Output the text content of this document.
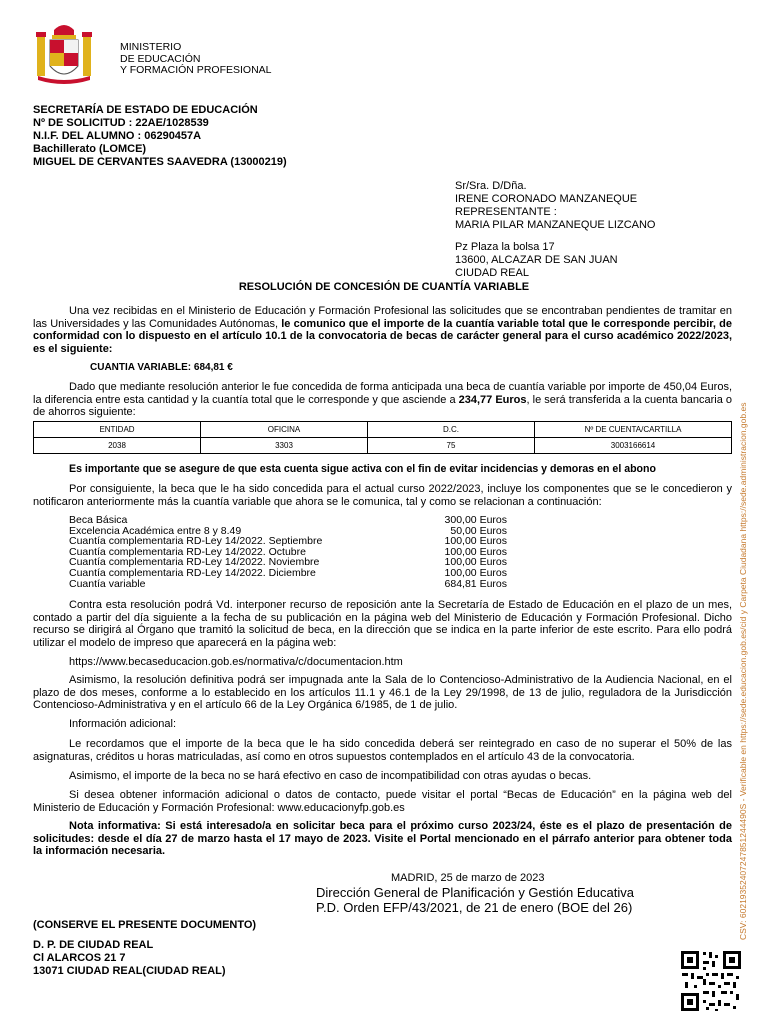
MINISTERIO
DE EDUCACIÓN
Y FORMACIÓN PROFESIONAL
SECRETARÍA DE ESTADO DE EDUCACIÓN
Nº DE SOLICITUD : 22AE/1028539
N.I.F. DEL ALUMNO : 06290457A
Bachillerato (LOMCE)
MIGUEL DE CERVANTES SAAVEDRA (13000219)
Sr/Sra. D/Dña.
IRENE CORONADO MANZANEQUE
REPRESENTANTE :
MARIA PILAR MANZANEQUE LIZCANO
Pz Plaza la bolsa 17
13600, ALCAZAR DE SAN JUAN
CIUDAD REAL
RESOLUCIÓN DE CONCESIÓN DE CUANTÍA VARIABLE
Una vez recibidas en el Ministerio de Educación y Formación Profesional las solicitudes que se encontraban pendientes de tramitar en las Universidades y las Comunidades Autónomas, le comunico que el importe de la cuantía variable total que le corresponde percibir, de conformidad con lo dispuesto en el artículo 10.1 de la convocatoria de becas de carácter general para el curso académico 2022/2023, es el siguiente:
CUANTIA VARIABLE: 684,81 €
Dado que mediante resolución anterior le fue concedida de forma anticipada una beca de cuantía variable por importe de 450,04 Euros, la diferencia entre esta cantidad y la cuantía total que le corresponde y que asciende a 234,77 Euros, le será transferida a la cuenta bancaria o de ahorros siguiente:
ENTIDAD	OFICINA	D.C.	Nº DE CUENTA/CARTILLA
2038	3303	75	3003166614
Es importante que se asegure de que esta cuenta sigue activa con el fin de evitar incidencias y demoras en el abono
Por consiguiente, la beca que le ha sido concedida para el actual curso 2022/2023, incluye los componentes que se le concedieron y notificaron anteriormente más la cuantía variable que ahora se le comunica, tal y como se relacionan a continuación:
Beca Básica	300,00 Euros
Excelencia Académica entre 8 y 8.49	50,00 Euros
Cuantía complementaria RD-Ley 14/2022. Septiembre	100,00 Euros
Cuantía complementaria RD-Ley 14/2022. Octubre	100,00 Euros
Cuantía complementaria RD-Ley 14/2022. Noviembre	100,00 Euros
Cuantía complementaria RD-Ley 14/2022. Diciembre	100,00 Euros
Cuantía variable	684,81 Euros
Contra esta resolución podrá Vd. interponer recurso de reposición ante la Secretaría de Estado de Educación en el plazo de un mes, contado a partir del día siguiente a la fecha de su publicación en la página web del Ministerio de Educación y Formación Profesional. Dicho recurso se dirigirá al Órgano que tramitó la solicitud de beca, en la dirección que se indica en la parte inferior de este escrito. Para ello podrá utilizar el modelo de impreso que aparecerá en la página web:
https://www.becaseducacion.gob.es/normativa/c/documentacion.htm
Asimismo, la resolución definitiva podrá ser impugnada ante la Sala de lo Contencioso-Administrativo de la Audiencia Nacional, en el plazo de dos meses, conforme a lo establecido en los artículos 11.1 y 46.1 de la Ley 29/1998, de 13 de julio, reguladora de la Jurisdicción Contencioso-Administrativa y en el artículo 66 de la Ley Orgánica 6/1985, de 1 de julio.
Información adicional:
Le recordamos que el importe de la beca que le ha sido concedida deberá ser reintegrado en caso de no superar el 50% de las asignaturas, créditos u horas matriculadas, así como en otros supuestos contemplados en el artículo 43 de la convocatoria.
Asimismo, el importe de la beca no se hará efectivo en caso de incompatibilidad con otras ayudas o becas.
Si desea obtener información adicional o datos de contacto, puede visitar el portal “Becas de Educación” en la página web del Ministerio de Educación y Formación Profesional: www.educacionyfp.gob.es
Nota informativa: Si está interesado/a en solicitar beca para el próximo curso 2023/24, éste es el plazo de presentación de solicitudes: desde el día 27 de marzo hasta el 17 mayo de 2023. Visite el Portal mencionado en el párrafo anterior para obtener toda la información necesaria.
MADRID, 25 de marzo de 2023
Dirección General de Planificación y Gestión Educativa
P.D. Orden EFP/43/2021, de 21 de enero (BOE del 26)
(CONSERVE EL PRESENTE DOCUMENTO)
D. P. DE CIUDAD REAL
Cl ALARCOS 21 7
13071 CIUDAD REAL(CIUDAD REAL)
CSV: 60219352407247851244490S - Verificable en https://sede.educacion.gob.es/cid y Carpeta Ciudadana https://sede.administracion.gob.es
